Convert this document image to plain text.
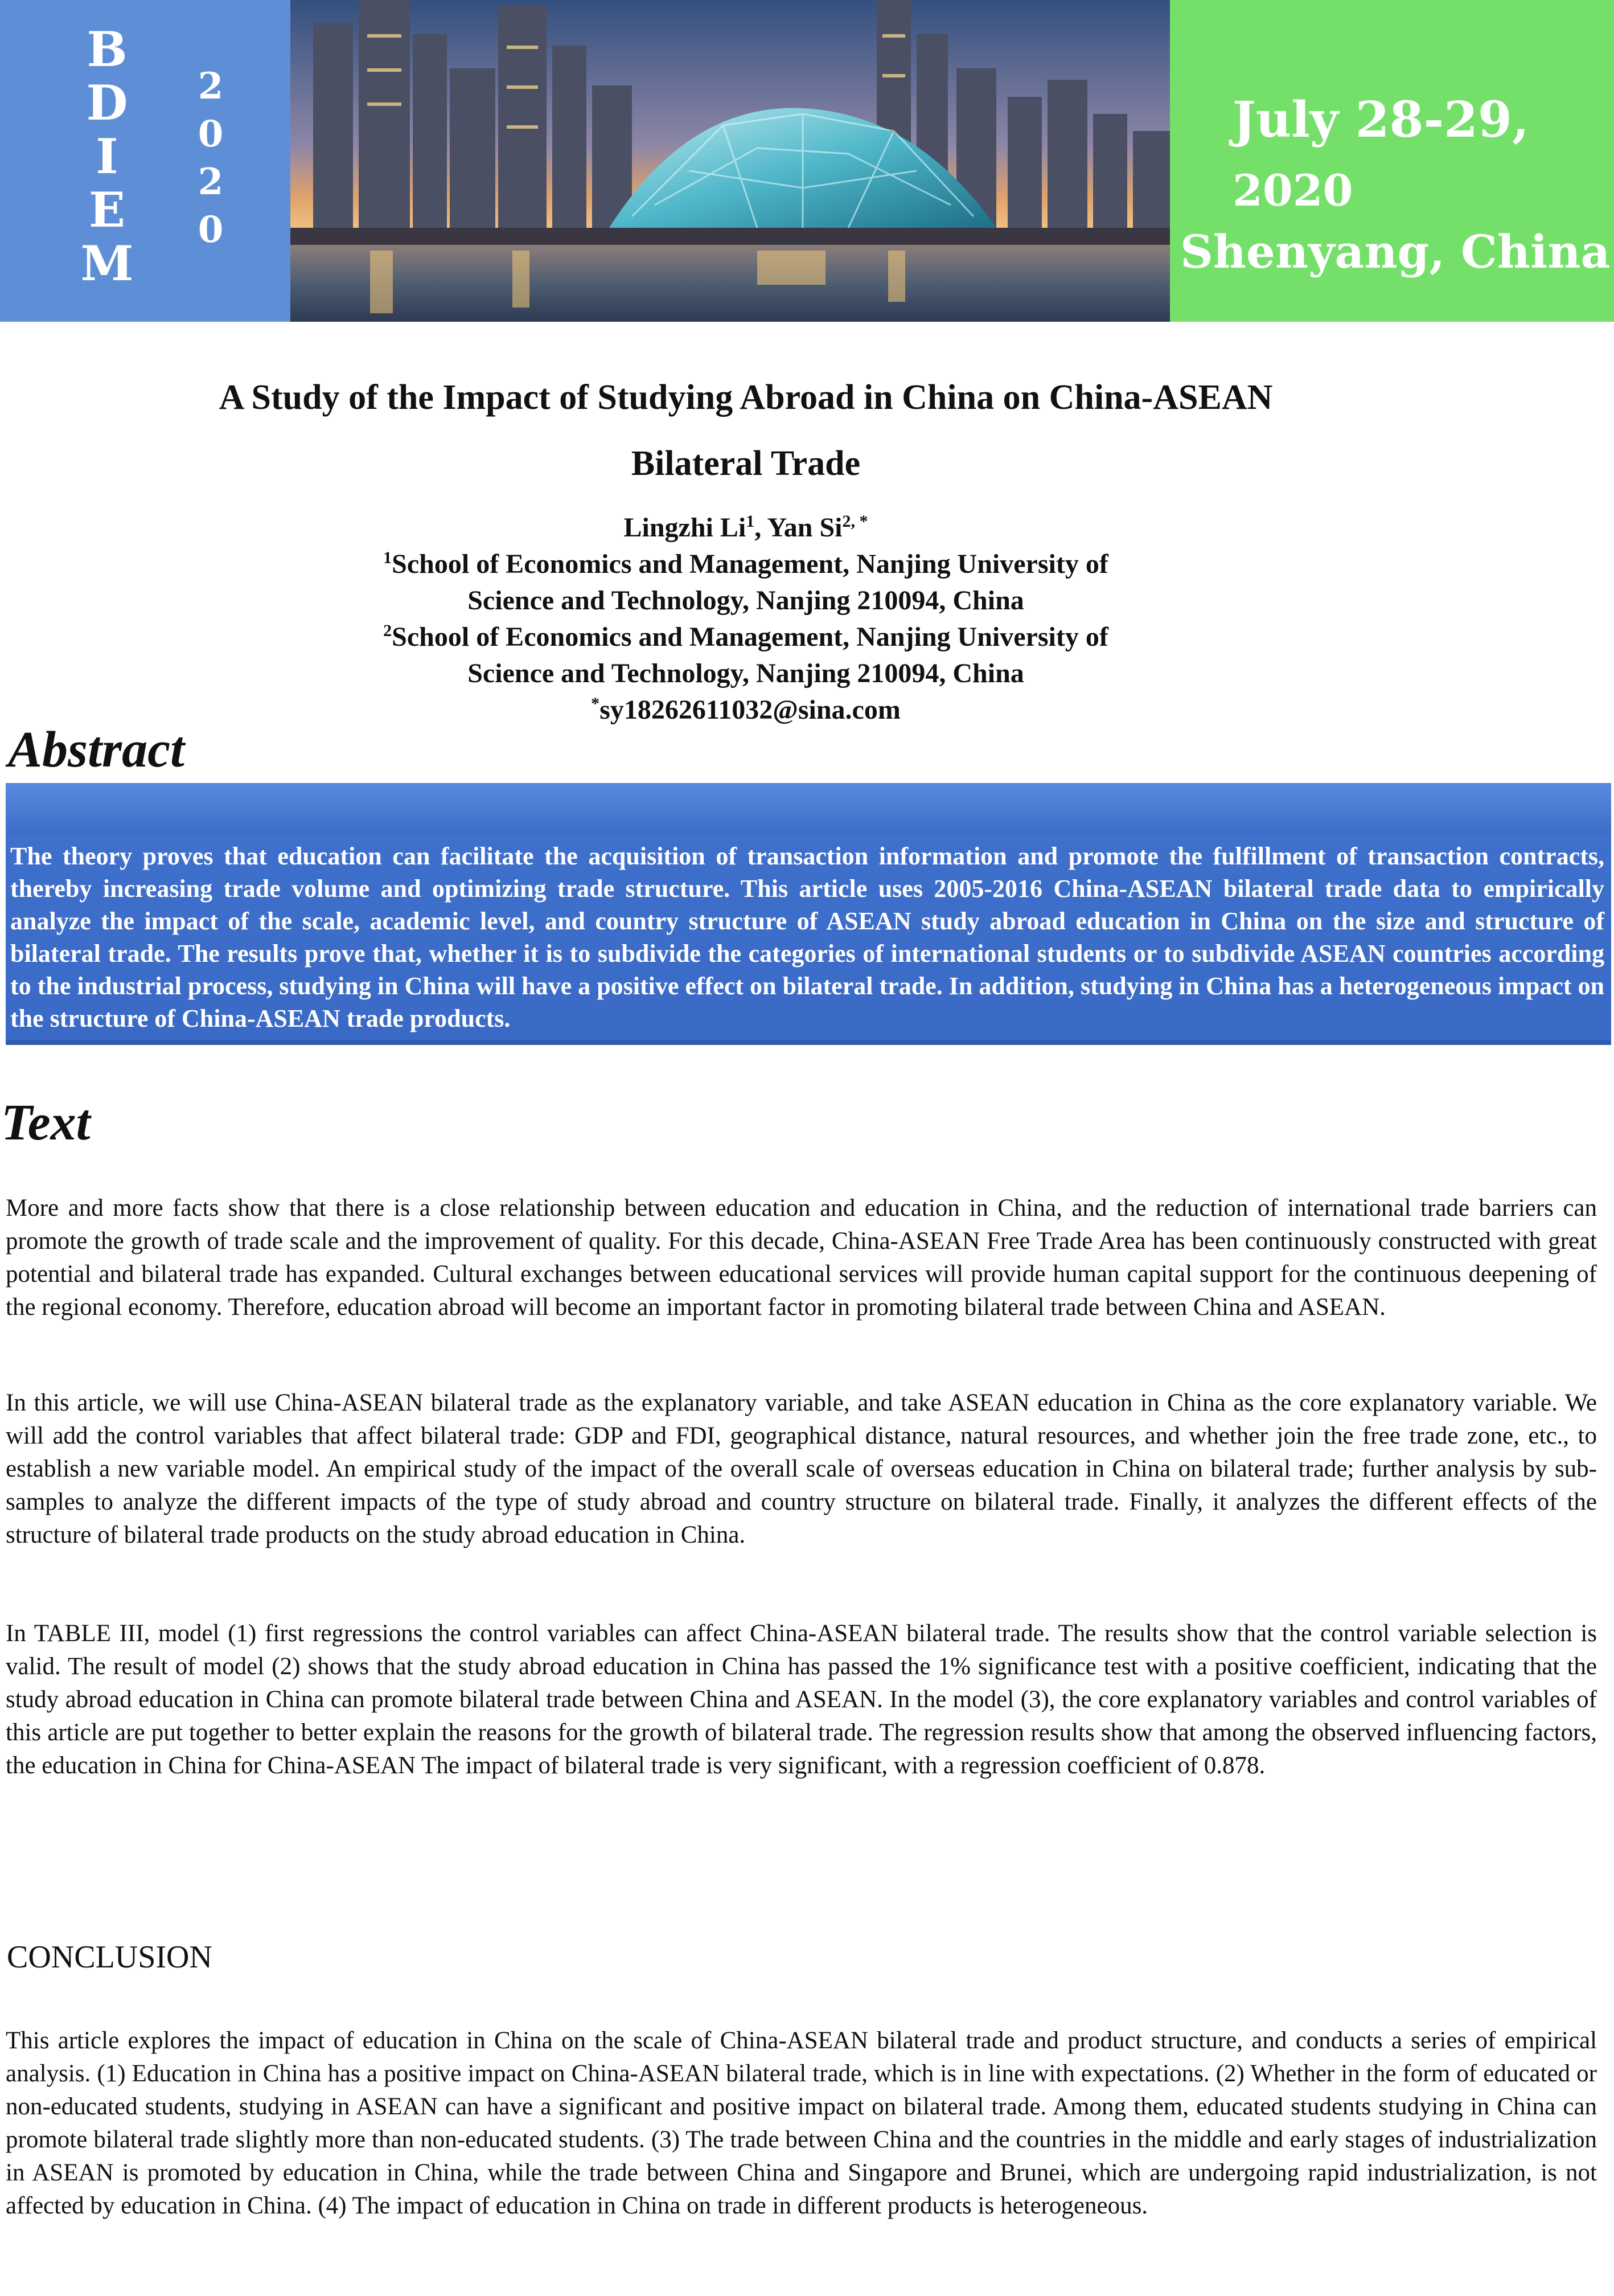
B
D
I
E
M
2
0
2
0
July 28-29,
2020
Shenyang, China
A Study of the Impact of Studying Abroad in China on China-ASEAN
Bilateral Trade
Lingzhi Li$^1$, Yan $Si^{2, *}$
$^1$School of Economics and Management, Nanjing University of
Science and Technology, Nanjing 210094, China
$^2$School of Economics and Management, Nanjing University of
Science and Technology, Nanjing 210094, China
*sy18262611032@sina.com
Abstract
The theory proves that education can facilitate the acquisition of transaction information and promote the fulfillment of transaction contracts, thereby increasing trade volume and optimizing trade structure. This article uses 2005-2016 China-ASEAN bilateral trade data to empirically analyze the impact of the scale, academic level, and country structure of ASEAN study abroad education in China on the size and structure of bilateral trade. The results prove that, whether it is to subdivide the categories of international students or to subdivide ASEAN countries according to the industrial process, studying in China will have a positive effect on bilateral trade. In addition, studying in China has a heterogeneous impact on the structure of China-ASEAN trade products.
Text
More and more facts show that there is a close relationship between education and education in China, and the reduction of international trade barriers can promote the growth of trade scale and the improvement of quality. For this decade, China-ASEAN Free Trade Area has been continuously constructed with great potential and bilateral trade has expanded. Cultural exchanges between educational services will provide human capital support for the continuous deepening of the regional economy. Therefore, education abroad will become an important factor in promoting bilateral trade between China and ASEAN.
In this article, we will use China-ASEAN bilateral trade as the explanatory variable, and take ASEAN education in China as the core explanatory variable. We will add the control variables that affect bilateral trade: GDP and FDI, geographical distance, natural resources, and whether join the free trade zone, etc., to establish a new variable model. An empirical study of the impact of the overall scale of overseas education in China on bilateral trade; further analysis by sub-samples to analyze the different impacts of the type of study abroad and country structure on bilateral trade. Finally, it analyzes the different effects of the structure of bilateral trade products on the study abroad education in China.
In TABLE III, model (1) first regressions the control variables can affect China-ASEAN bilateral trade. The results show that the control variable selection is valid. The result of model (2) shows that the study abroad education in China has passed the 1% significance test with a positive coefficient, indicating that the study abroad education in China can promote bilateral trade between China and ASEAN. In the model (3), the core explanatory variables and control variables of this article are put together to better explain the reasons for the growth of bilateral trade. The regression results show that among the observed influencing factors, the education in China for China-ASEAN The impact of bilateral trade is very significant, with a regression coefficient of 0.878.
CONCLUSION
This article explores the impact of education in China on the scale of China-ASEAN bilateral trade and product structure, and conducts a series of empirical analysis. (1) Education in China has a positive impact on China-ASEAN bilateral trade, which is in line with expectations. (2) Whether in the form of educated or non-educated students, studying in ASEAN can have a significant and positive impact on bilateral trade. Among them, educated students studying in China can promote bilateral trade slightly more than non-educated students. (3) The trade between China and the countries in the middle and early stages of industrialization in ASEAN is promoted by education in China, while the trade between China and Singapore and Brunei, which are undergoing rapid industrialization, is not affected by education in China. (4) The impact of education in China on trade in different products is heterogeneous.
